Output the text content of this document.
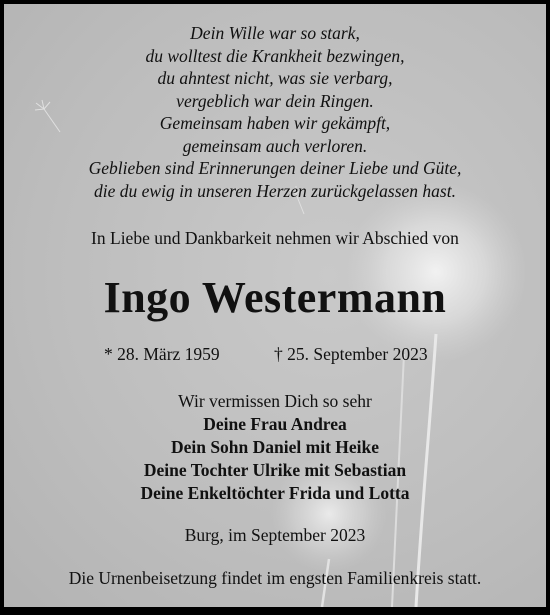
Dein Wille war so stark,
du wolltest die Krankheit bezwingen,
du ahntest nicht, was sie verbarg,
vergeblich war dein Ringen.
Gemeinsam haben wir gekämpft,
gemeinsam auch verloren.
Geblieben sind Erinnerungen deiner Liebe und Güte,
die du ewig in unseren Herzen zurückgelassen hast.
In Liebe und Dankbarkeit nehmen wir Abschied von
Ingo Westermann
* 28. März 1959	† 25. September 2023
Wir vermissen Dich so sehr
Deine Frau Andrea
Dein Sohn Daniel mit Heike
Deine Tochter Ulrike mit Sebastian
Deine Enkeltöchter Frida und Lotta
Burg, im September 2023
Die Urnenbeisetzung findet im engsten Familienkreis statt.
